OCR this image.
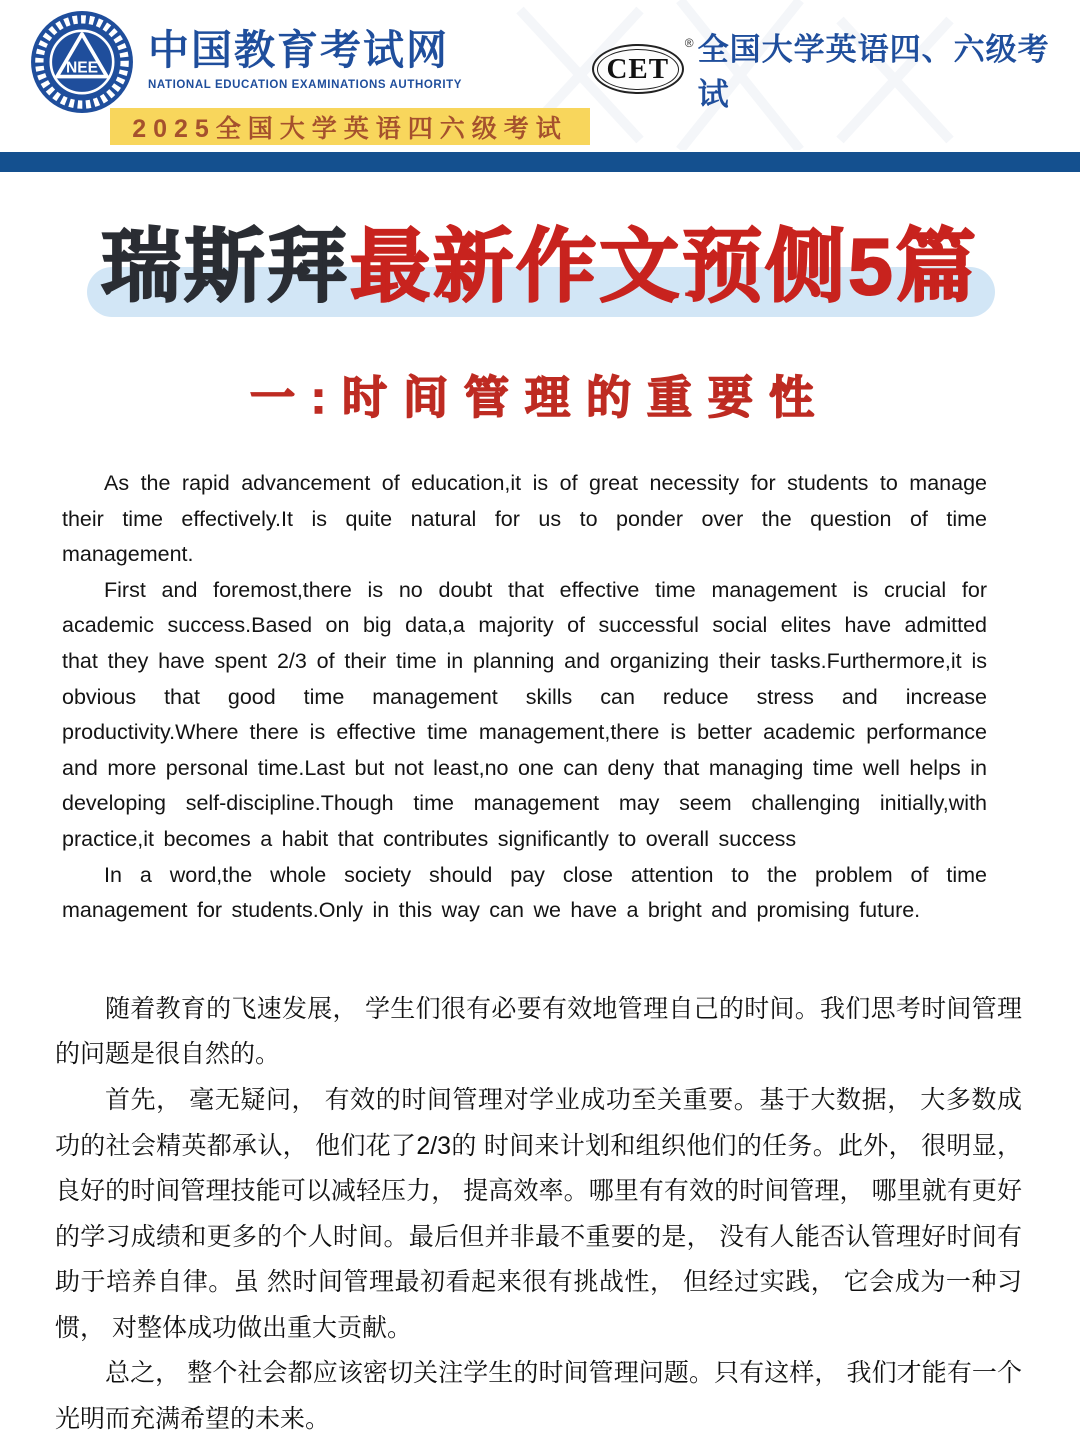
NEE 中国教育考试网
NATIONAL EDUCATION EXAMINATIONS AUTHORITY
CET
® 全国大学英语四、六级考试
2025全国大学英语四六级考试
瑞斯拜最新作文预侧5篇
一:时间管理的重要性

As the rapid advancement of education,it is of great necessity for students to manage their time effectively.It is quite natural for us to ponder over the question of time management.

First and foremost,there is no doubt that effective time management is crucial for academic success.Based on big data,a majority of successful social elites have admitted that they have spent 2/3 of their time in planning and organizing their tasks.Furthermore,it is obvious that good time management skills can reduce stress and increase productivity.Where there is effective time management,there is better academic performance and more personal time.Last but not least,no one can deny that managing time well helps in developing self-discipline.Though time management may seem challenging initially,with practice,it becomes a habit that contributes significantly to overall success

In a word,the whole society should pay close attention to the problem of time management for students.Only in this way can we have a bright and promising future.

随着教育的飞速发展， 学生们很有必要有效地管理自己的时间。我们思考时间管理的问题是很自然的。

首先， 毫无疑问， 有效的时间管理对学业成功至关重要。基于大数据， 大多数成功的社会精英都承认， 他们花了2/3的 时间来计划和组织他们的任务。此外， 很明显， 良好的时间管理技能可以减轻压力， 提高效率。哪里有有效的时间管理， 哪里就有更好的学习成绩和更多的个人时间。最后但并非最不重要的是， 没有人能否认管理好时间有助于培养自律。虽 然时间管理最初看起来很有挑战性， 但经过实践， 它会成为一种习惯， 对整体成功做出重大贡献。

总之， 整个社会都应该密切关注学生的时间管理问题。只有这样， 我们才能有一个光明而充满希望的未来。
